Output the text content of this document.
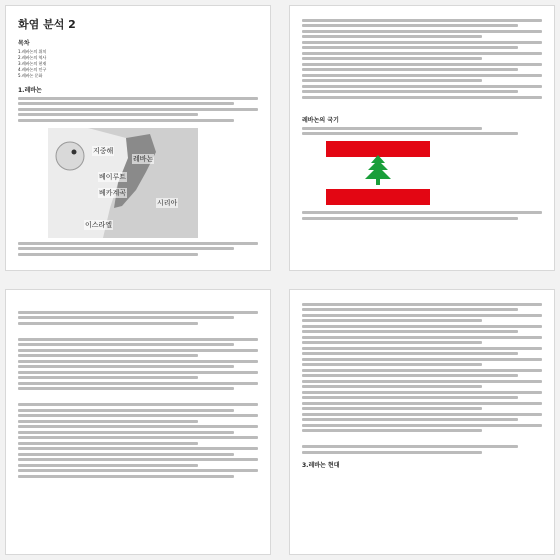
화염 분석 2
목차

1.레바논의 위치

2.레바논의 역사

3.레바논의 현재

4.레바논의 인구

5.레바논 문화

1.레바논
지중해
레바논
베이루트
베카계곡
시리아
이스라엘
레바논의 국기
3.레바논 현대
